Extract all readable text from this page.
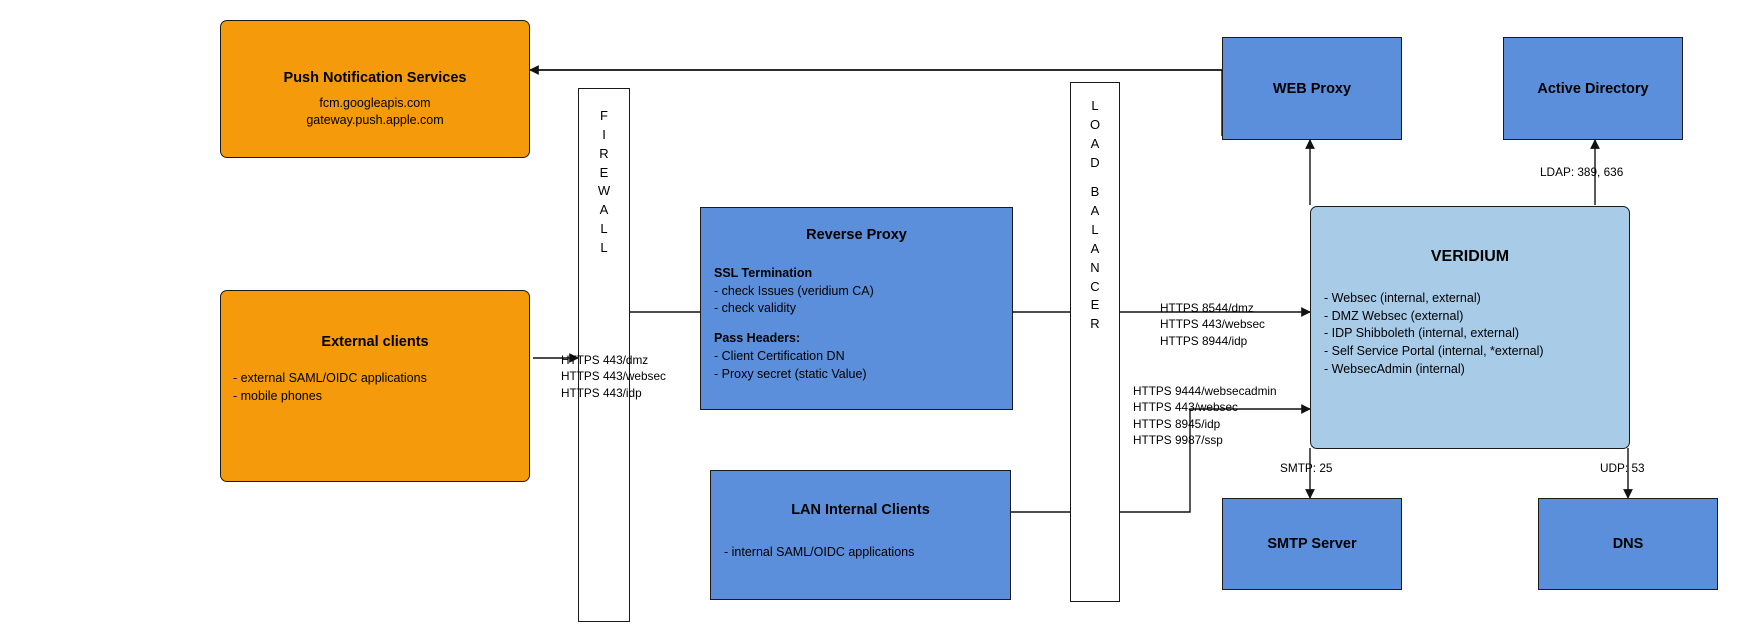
Push Notification Services
fcm.googleapis.com
gateway.push.apple.com
External clients
- external SAML/OIDC applications
- mobile phones
F
I
R
E
W
A
L
L
Reverse Proxy
SSL Termination
- check Issues (veridium CA)
- check validity
Pass Headers:
- Client Certification DN
- Proxy secret (static Value)
LAN Internal Clients
- internal SAML/OIDC applications
L
O
A
D
B
A
L
A
N
C
E
R
WEB Proxy	Active Directory
VERIDIUM
- Websec (internal, external)
- DMZ Websec (external)
- IDP Shibboleth (internal, external)
- Self Service Portal (internal, *external)
- WebsecAdmin (internal)
SMTP Server	DNS
HTTPS 443/dmz
HTTPS 443/websec
HTTPS 443/idp
HTTPS 8544/dmz
HTTPS 443/websec
HTTPS 8944/idp
HTTPS 9444/websecadmin
HTTPS 443/websec
HTTPS 8945/idp
HTTPS 9987/ssp
LDAP: 389, 636
SMTP: 25	UDP: 53
